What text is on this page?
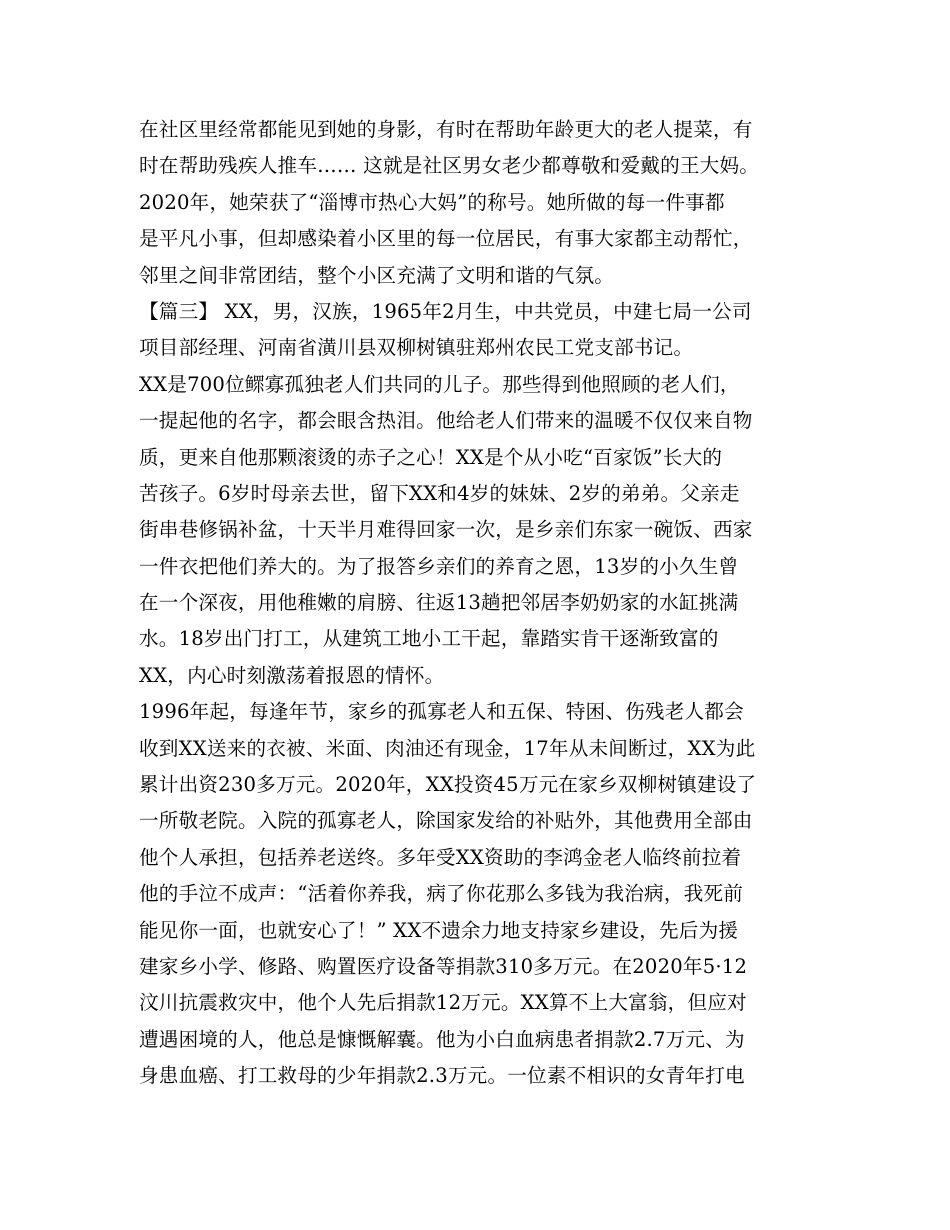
在社区里经常都能见到她的身影，有时在帮助年龄更大的老人提菜，有
时在帮助残疾人推车…… 这就是社区男女老少都尊敬和爱戴的王大妈。
2020年，她荣获了“淄博市热心大妈”的称号。她所做的每一件事都
是平凡小事，但却感染着小区里的每一位居民，有事大家都主动帮忙，
邻里之间非常团结，整个小区充满了文明和谐的气氛。
【篇三】 XX，男，汉族，1965年2月生，中共党员，中建七局一公司
项目部经理、河南省潢川县双柳树镇驻郑州农民工党支部书记。
XX是700位鳏寡孤独老人们共同的儿子。那些得到他照顾的老人们，
一提起他的名字，都会眼含热泪。他给老人们带来的温暖不仅仅来自物
质，更来自他那颗滚烫的赤子之心！XX是个从小吃“百家饭”长大的
苦孩子。6岁时母亲去世，留下XX和4岁的妹妹、2岁的弟弟。父亲走
街串巷修锅补盆，十天半月难得回家一次，是乡亲们东家一碗饭、西家
一件衣把他们养大的。为了报答乡亲们的养育之恩，13岁的小久生曾
在一个深夜，用他稚嫩的肩膀、往返13趟把邻居李奶奶家的水缸挑满
水。18岁出门打工，从建筑工地小工干起，靠踏实肯干逐渐致富的
XX，内心时刻激荡着报恩的情怀。
1996年起，每逢年节，家乡的孤寡老人和五保、特困、伤残老人都会
收到XX送来的衣被、米面、肉油还有现金，17年从未间断过，XX为此
累计出资230多万元。2020年，XX投资45万元在家乡双柳树镇建设了
一所敬老院。入院的孤寡老人，除国家发给的补贴外，其他费用全部由
他个人承担，包括养老送终。多年受XX资助的李鸿金老人临终前拉着
他的手泣不成声：“活着你养我，病了你花那么多钱为我治病，我死前
能见你一面，也就安心了！” XX不遗余力地支持家乡建设，先后为援
建家乡小学、修路、购置医疗设备等捐款310多万元。在2020年5·12
汶川抗震救灾中，他个人先后捐款12万元。XX算不上大富翁，但应对
遭遇困境的人，他总是慷慨解囊。他为小白血病患者捐款2.7万元、为
身患血癌、打工救母的少年捐款2.3万元。一位素不相识的女青年打电
